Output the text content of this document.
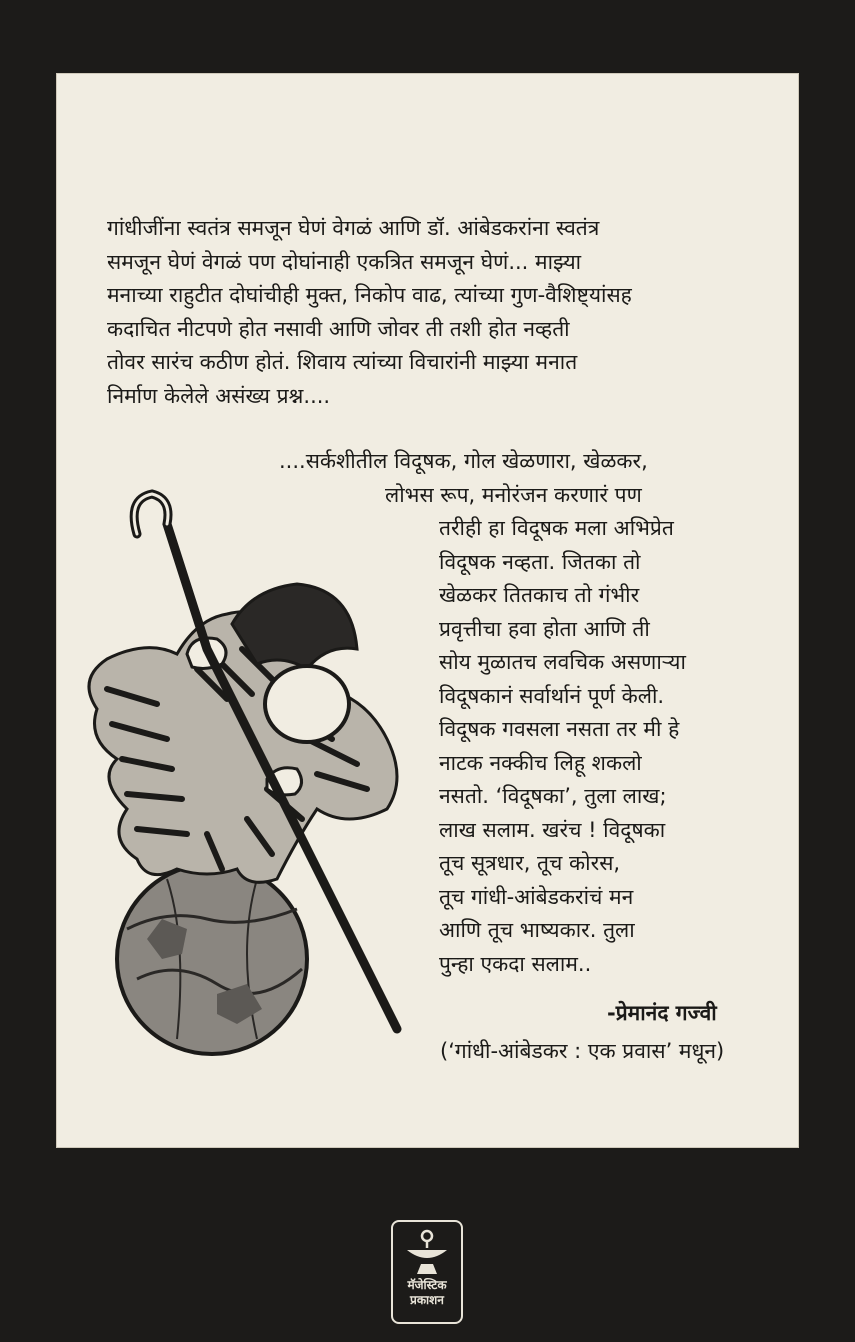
गांधीजींना स्वतंत्र समजून घेणं वेगळं आणि डॉ. आंबेडकरांना स्वतंत्र
समजून घेणं वेगळं पण दोघांनाही एकत्रित समजून घेणं... माझ्या
मनाच्या राहुटीत दोघांचीही मुक्त, निकोप वाढ, त्यांच्या गुण-वैशिष्ट्यांसह
कदाचित नीटपणे होत नसावी आणि जोवर ती तशी होत नव्हती
तोवर सारंच कठीण होतं. शिवाय त्यांच्या विचारांनी माझ्या मनात
निर्माण केलेले असंख्य प्रश्न....
....सर्कशीतील विदूषक, गोल खेळणारा, खेळकर,
लोभस रूप, मनोरंजन करणारं पण
तरीही हा विदूषक मला अभिप्रेत
विदूषक नव्हता. जितका तो
खेळकर तितकाच तो गंभीर
प्रवृत्तीचा हवा होता आणि ती
सोय मुळातच लवचिक असणाऱ्या
विदूषकानं सर्वार्थानं पूर्ण केली.
विदूषक गवसला नसता तर मी हे
नाटक नक्कीच लिहू शकलो
नसतो. ‘विदूषका’, तुला लाख;
लाख सलाम. खरंच ! विदूषका
तूच सूत्रधार, तूच कोरस,
तूच गांधी-आंबेडकरांचं मन
आणि तूच भाष्यकार. तुला
पुन्हा एकदा सलाम..
-प्रेमानंद गज्वी
(‘गांधी-आंबेडकर : एक प्रवास’ मधून)
मॅजेस्टिक
प्रकाशन
